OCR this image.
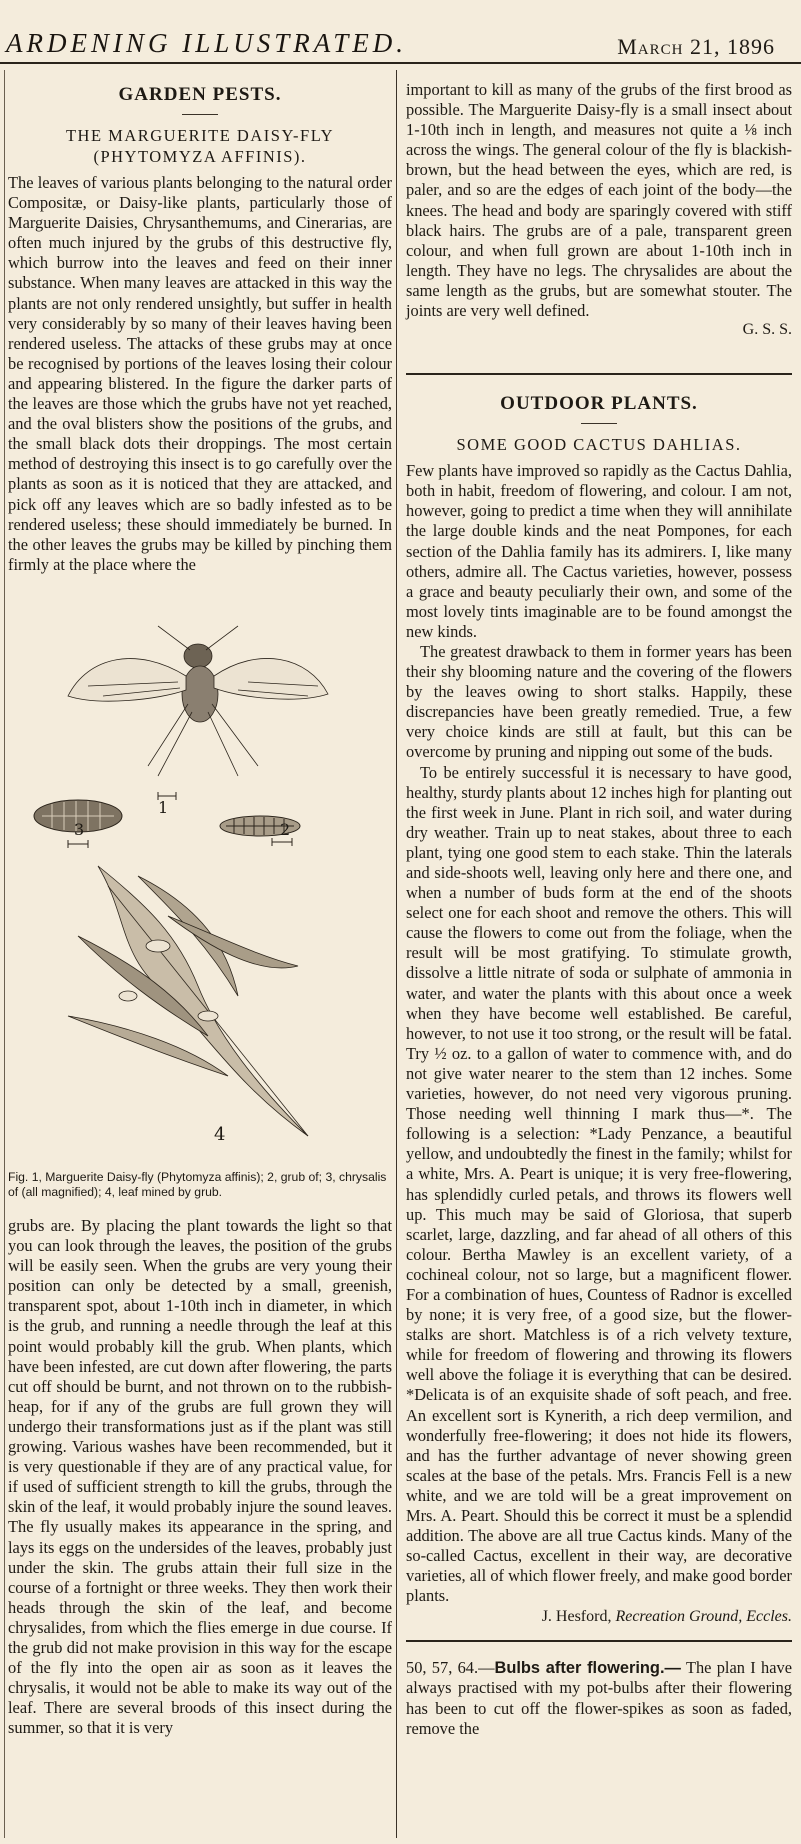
ARDENING ILLUSTRATED.	March 21, 1896
GARDEN PESTS.
THE MARGUERITE DAISY-FLY
(PHYTOMYZA AFFINIS).

The leaves of various plants belonging to the natural order Compositæ, or Daisy-like plants, particularly those of Marguerite Daisies, Chrysanthemums, and Cinerarias, are often much injured by the grubs of this destructive fly, which burrow into the leaves and feed on their inner substance. When many leaves are attacked in this way the plants are not only rendered unsightly, but suffer in health very considerably by so many of their leaves having been rendered useless. The attacks of these grubs may at once be recognised by portions of the leaves losing their colour and appearing blistered. In the figure the darker parts of the leaves are those which the grubs have not yet reached, and the oval blisters show the positions of the grubs, and the small black dots their droppings. The most certain method of destroying this insect is to go carefully over the plants as soon as it is noticed that they are attacked, and pick off any leaves which are so badly infested as to be rendered useless; these should immediately be burned. In the other leaves the grubs may be killed by pinching them firmly at the place where the

1
2
3
4
Fig. 1, Marguerite Daisy-fly (Phytomyza affinis); 2, grub of; 3, chrysalis of (all magnified); 4, leaf mined by grub.

grubs are. By placing the plant towards the light so that you can look through the leaves, the position of the grubs will be easily seen. When the grubs are very young their position can only be detected by a small, greenish, transparent spot, about 1-10th inch in diameter, in which is the grub, and running a needle through the leaf at this point would probably kill the grub. When plants, which have been infested, are cut down after flowering, the parts cut off should be burnt, and not thrown on to the rubbish-heap, for if any of the grubs are full grown they will undergo their transformations just as if the plant was still growing. Various washes have been recommended, but it is very questionable if they are of any practical value, for if used of sufficient strength to kill the grubs, through the skin of the leaf, it would probably injure the sound leaves. The fly usually makes its appearance in the spring, and lays its eggs on the undersides of the leaves, probably just under the skin. The grubs attain their full size in the course of a fortnight or three weeks. They then work their heads through the skin of the leaf, and become chrysalides, from which the flies emerge in due course. If the grub did not make provision in this way for the escape of the fly into the open air as soon as it leaves the chrysalis, it would not be able to make its way out of the leaf. There are several broods of this insect during the summer, so that it is very

important to kill as many of the grubs of the first brood as possible. The Marguerite Daisy-fly is a small insect about 1-10th inch in length, and measures not quite a ⅛ inch across the wings. The general colour of the fly is blackish-brown, but the head between the eyes, which are red, is paler, and so are the edges of each joint of the body—the knees. The head and body are sparingly covered with stiff black hairs. The grubs are of a pale, transparent green colour, and when full grown are about 1-10th inch in length. They have no legs. The chrysalides are about the same length as the grubs, but are somewhat stouter. The joints are very well defined.

G. S. S.
OUTDOOR PLANTS.
SOME GOOD CACTUS DAHLIAS.

Few plants have improved so rapidly as the Cactus Dahlia, both in habit, freedom of flowering, and colour. I am not, however, going to predict a time when they will annihilate the large double kinds and the neat Pompones, for each section of the Dahlia family has its admirers. I, like many others, admire all. The Cactus varieties, however, possess a grace and beauty peculiarly their own, and some of the most lovely tints imaginable are to be found amongst the new kinds.

The greatest drawback to them in former years has been their shy blooming nature and the covering of the flowers by the leaves owing to short stalks. Happily, these discrepancies have been greatly remedied. True, a few very choice kinds are still at fault, but this can be overcome by pruning and nipping out some of the buds.

To be entirely successful it is necessary to have good, healthy, sturdy plants about 12 inches high for planting out the first week in June. Plant in rich soil, and water during dry weather. Train up to neat stakes, about three to each plant, tying one good stem to each stake. Thin the laterals and side-shoots well, leaving only here and there one, and when a number of buds form at the end of the shoots select one for each shoot and remove the others. This will cause the flowers to come out from the foliage, when the result will be most gratifying. To stimulate growth, dissolve a little nitrate of soda or sulphate of ammonia in water, and water the plants with this about once a week when they have become well established. Be careful, however, to not use it too strong, or the result will be fatal. Try ½ oz. to a gallon of water to commence with, and do not give water nearer to the stem than 12 inches. Some varieties, however, do not need very vigorous pruning. Those needing well thinning I mark thus—*. The following is a selection: *Lady Penzance, a beautiful yellow, and undoubtedly the finest in the family; whilst for a white, Mrs. A. Peart is unique; it is very free-flowering, has splendidly curled petals, and throws its flowers well up. This much may be said of Gloriosa, that superb scarlet, large, dazzling, and far ahead of all others of this colour. Bertha Mawley is an excellent variety, of a cochineal colour, not so large, but a magnificent flower. For a combination of hues, Countess of Radnor is excelled by none; it is very free, of a good size, but the flower-stalks are short. Matchless is of a rich velvety texture, while for freedom of flowering and throwing its flowers well above the foliage it is everything that can be desired. *Delicata is of an exquisite shade of soft peach, and free. An excellent sort is Kynerith, a rich deep vermilion, and wonderfully free-flowering; it does not hide its flowers, and has the further advantage of never showing green scales at the base of the petals. Mrs. Francis Fell is a new white, and we are told will be a great improvement on Mrs. A. Peart. Should this be correct it must be a splendid addition. The above are all true Cactus kinds. Many of the so-called Cactus, excellent in their way, are decorative varieties, all of which flower freely, and make good border plants.

J. Hesford, Recreation Ground, Eccles.

50, 57, 64.—Bulbs after flowering.— The plan I have always practised with my pot-bulbs after their flowering has been to cut off the flower-spikes as soon as faded, remove the
